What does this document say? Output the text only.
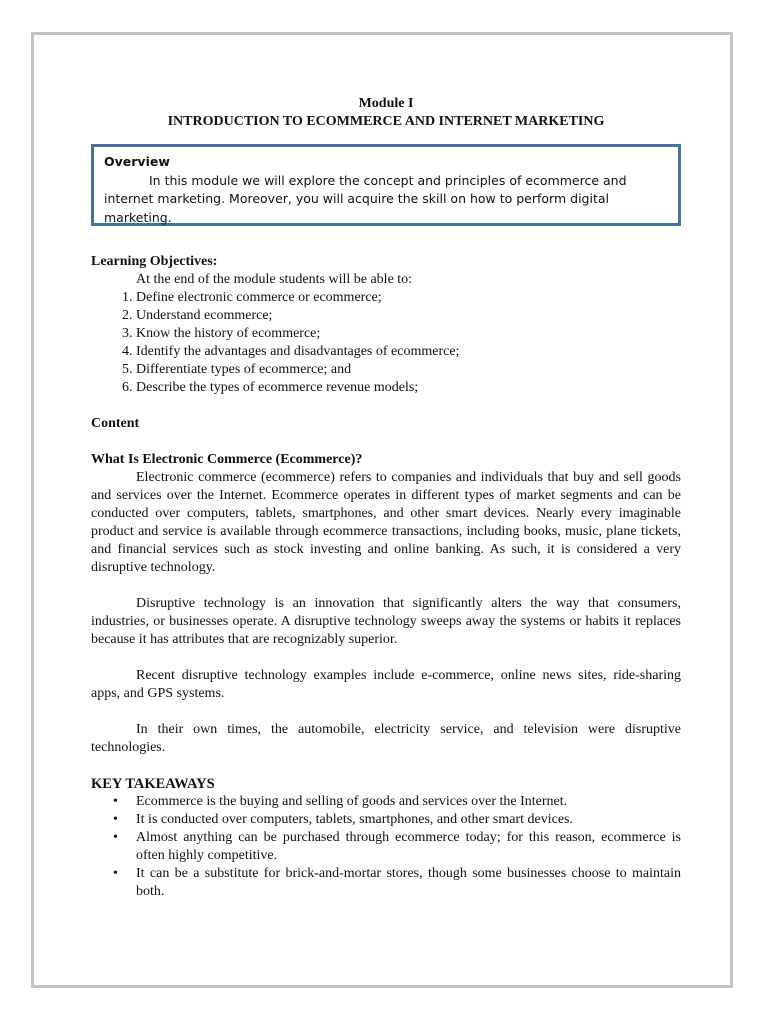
Module I
INTRODUCTION TO ECOMMERCE AND INTERNET MARKETING
Overview
In this module we will explore the concept and principles of ecommerce and internet marketing. Moreover, you will acquire the skill on how to perform digital marketing.
Learning Objectives:
At the end of the module students will be able to:
1. Define electronic commerce or ecommerce;
2. Understand ecommerce;
3. Know the history of ecommerce;
4. Identify the advantages and disadvantages of ecommerce;
5. Differentiate types of ecommerce; and
6. Describe the types of ecommerce revenue models;
Content
What Is Electronic Commerce (Ecommerce)?

Electronic commerce (ecommerce) refers to companies and individuals that buy and sell goods and services over the Internet. Ecommerce operates in different types of market segments and can be conducted over computers, tablets, smartphones, and other smart devices. Nearly every imaginable product and service is available through ecommerce transactions, including books, music, plane tickets, and financial services such as stock investing and online banking. As such, it is considered a very disruptive technology.

Disruptive technology is an innovation that significantly alters the way that consumers, industries, or businesses operate. A disruptive technology sweeps away the systems or habits it replaces because it has attributes that are recognizably superior.

Recent disruptive technology examples include e-commerce, online news sites, ride-sharing apps, and GPS systems.

In their own times, the automobile, electricity service, and television were disruptive technologies.

KEY TAKEAWAYS
• Ecommerce is the buying and selling of goods and services over the Internet.
• It is conducted over computers, tablets, smartphones, and other smart devices.
• Almost anything can be purchased through ecommerce today; for this reason, ecommerce is often highly competitive.
• It can be a substitute for brick-and-mortar stores, though some businesses choose to maintain both.
